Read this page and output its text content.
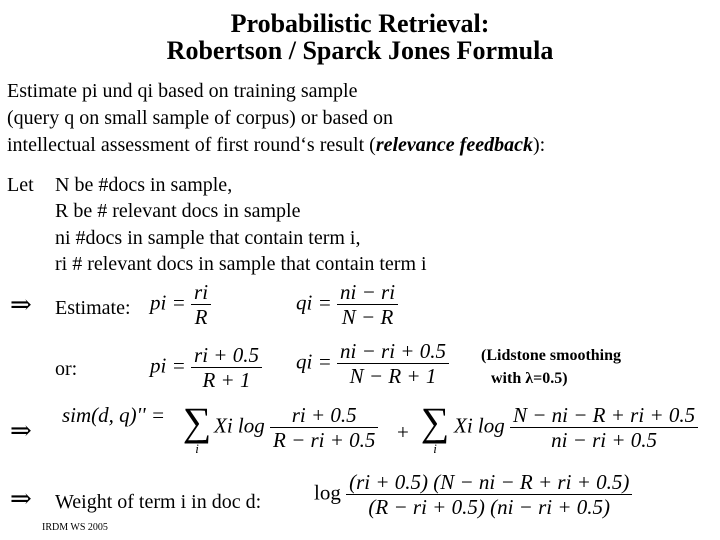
Probabilistic Retrieval:
Robertson / Sparck Jones Formula
Estimate pi und qi based on training sample
(query q on small sample of corpus) or based on
intellectual assessment of first round‘s result (relevance feedback):
Let N be #docs in sample,
R be # relevant docs in sample
ni #docs in sample that contain term i,
ri # relevant docs in sample that contain term i
⇒ Estimate: pi = $\frac{ri}{R}$	qi = $\frac{ni - ri}{N - R}$
or:	pi = $\frac{ri + 0.5}{R + 1}$ qi = $\frac{ni - ri + 0.5}{N - R + 1}$ (Lidstone smoothing
with λ=0.5)
⇒
sim(d, q)'' = ∑
i
Xi $\log \frac{ri + 0.5}{R - ri + 0.5}$ + ∑
i
Xi $\log \frac{N - ni - R + ri + 0.5}{ni - ri + 0.5}$
⇒ Weight of term i in doc d:	$\log \frac{(ri + 0.5) (N - ni - R + ri + 0.5)}{(R - ri + 0.5) (ni - ri + 0.5)}$
IRDM WS 2005
